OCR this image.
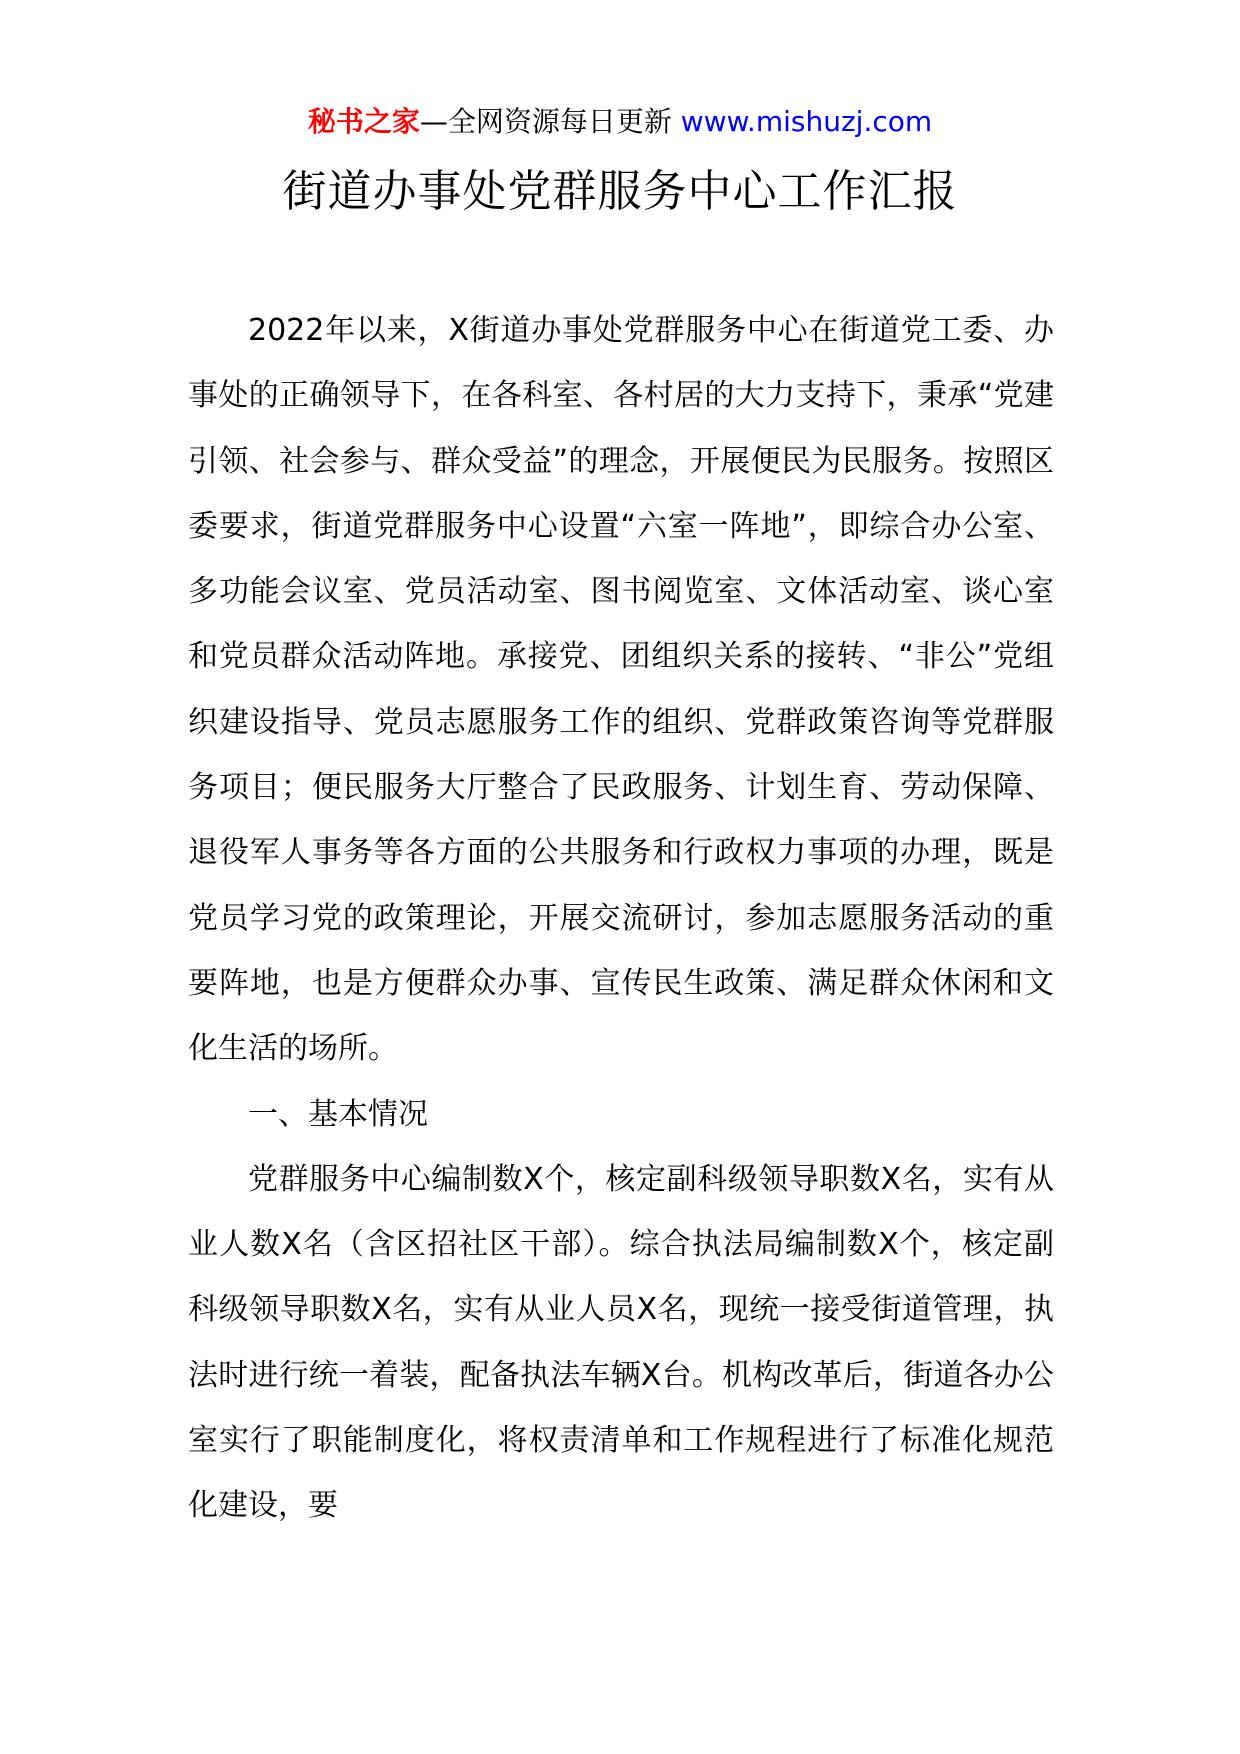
秘书之家—全网资源每日更新 www.mishuzj.com
街道办事处党群服务中心工作汇报

2022年以来，X街道办事处党群服务中心在街道党工委、办事处的正确领导下，在各科室、各村居的大力支持下，秉承“党建引领、社会参与、群众受益”的理念，开展便民为民服务。按照区委要求，街道党群服务中心设置“六室一阵地”，即综合办公室、多功能会议室、党员活动室、图书阅览室、文体活动室、谈心室和党员群众活动阵地。承接党、团组织关系的接转、“非公”党组织建设指导、党员志愿服务工作的组织、党群政策咨询等党群服务项目；便民服务大厅整合了民政服务、计划生育、劳动保障、退役军人事务等各方面的公共服务和行政权力事项的办理，既是党员学习党的政策理论，开展交流研讨，参加志愿服务活动的重要阵地，也是方便群众办事、宣传民生政策、满足群众休闲和文化生活的场所。

一、基本情况

党群服务中心编制数X个，核定副科级领导职数X名，实有从业人数X名（含区招社区干部）。综合执法局编制数X个，核定副科级领导职数X名，实有从业人员X名，现统一接受街道管理，执法时进行统一着装，配备执法车辆X台。机构改革后，街道各办公室实行了职能制度化，将权责清单和工作规程进行了标准化规范化建设，要
